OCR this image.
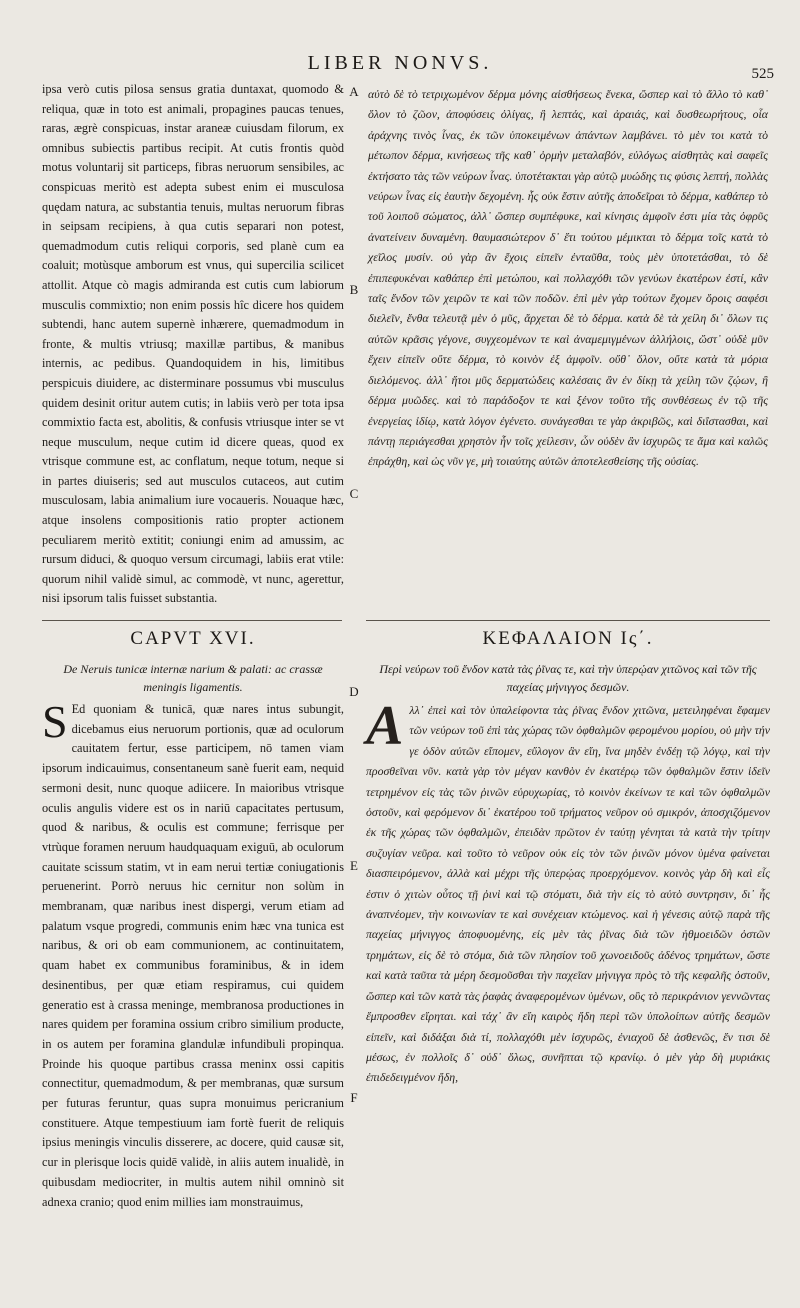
LIBER NONVS.	525

ipsa verò cutis pilosa sensus gratia duntaxat, quomodo & reliqua, quæ in toto est animali, propagines paucas tenues, raras, ægrè conspicuas, instar araneæ cuiusdam filorum, ex omnibus subiectis partibus recipit. At cutis frontis quòd motus voluntarij sit particeps, fibras neruorum sensibiles, ac conspicuas meritò est adepta subest enim ei musculosa quędam natura, ac substantia tenuis, multas neruorum fibras in seipsam recipiens, à qua cutis separari non potest, quemadmodum cutis reliqui corporis, sed planè cum ea coaluit; motùsque amborum est vnus, qui supercilia scilicet attollit. Atque cò magis admiranda est cutis cum labiorum musculis commixtio; non enim possis hîc dicere hos quidem subtendi, hanc autem supernè inhærere, quemadmodum in fronte, & multis vtriusq; maxillæ partibus, & manibus internis, ac pedibus. Quandoquidem in his, limitibus perspicuis diuidere, ac disterminare possumus vbi musculus quidem desinit oritur autem cutis; in labiis verò per tota ipsa commixtio facta est, abolitis, & confusis vtriusque inter se vt neque musculum, neque cutim id dicere queas, quod ex vtrisque commune est, ac conflatum, neque totum, neque si in partes diuiseris; sed aut musculos cutaceos, aut cutim musculosam, labia animalium iure vocaueris. Nouaque hæc, atque insolens compositionis ratio propter actionem peculiarem meritò extitit; coniungi enim ad amussim, ac rursum diduci, & quoquo versum circumagi, labiis erat vtile: quorum nihil validè simul, ac commodè, vt nunc, agerettur, nisi ipsorum talis fuisset substantia.

A
B
C
D
E
F

αὐτὸ δὲ τὸ τετριχωμένον δέρμα μόνης αἰσθήσεως ἕνεκα, ὥσπερ καὶ τὸ ἄλλο τὸ καθ᾽ ὅλον τὸ ζῶον, ἀποφύσεις ὀλίγας, ἢ λεπτάς, καὶ ἀραιάς, καὶ δυσθεωρήτους, οἷα ἀράχνης τινὸς ἶνας, ἐκ τῶν ὑποκειμένων ἁπάντων λαμβάνει. τὸ μὲν τοι κατὰ τὸ μέτωπον δέρμα, κινήσεως τῆς καθ᾽ ὁρμὴν μεταλαβόν, εὐλόγως αἰσθητὰς καὶ σαφεῖς ἐκτήσατο τὰς τῶν νεύρων ἶνας. ὑποτέτακται γὰρ αὐτῷ μυώδης τις φύσις λεπτή, πολλὰς νεύρων ἶνας εἰς ἑαυτὴν δεχομένη. ἧς οὐκ ἔστιν αὐτῆς ἀποδεῖραι τὸ δέρμα, καθάπερ τὸ τοῦ λοιποῦ σώματος, ἀλλ᾽ ὥσπερ συμπέφυκε, καὶ κίνησις ἀμφοῖν ἐστι μία τὰς ὀφρῦς ἀνατείνειν δυναμένη. θαυμασιώτερον δ᾽ ἔτι τούτου μέμικται τὸ δέρμα τοῖς κατὰ τὸ χεῖλος μυσίν. οὐ γὰρ ἂν ἔχοις εἰπεῖν ἐνταῦθα, τοὺς μὲν ὑποτετάσθαι, τὸ δὲ ἐπιπεφυκέναι καθάπερ ἐπὶ μετώπου, καὶ πολλαχόθι τῶν γενύων ἑκατέρων ἐστί, κἂν ταῖς ἔνδον τῶν χειρῶν τε καὶ τῶν ποδῶν. ἐπὶ μὲν γὰρ τούτων ἔχομεν ὅροις σαφέσι διελεῖν, ἔνθα τελευτᾷ μὲν ὁ μῦς, ἄρχεται δὲ τὸ δέρμα. κατὰ δὲ τὰ χείλη δι᾽ ὅλων τις αὐτῶν κρᾶσις γέγονε, συγχεομένων τε καὶ ἀναμεμιγμένων ἀλλήλοις, ὥστ᾽ οὐδὲ μῦν ἔχειν εἰπεῖν οὔτε δέρμα, τὸ κοινὸν ἐξ ἀμφοῖν. οὔθ᾽ ὅλον, οὔτε κατὰ τὰ μόρια διελόμενος. ἀλλ᾽ ἤτοι μῦς δερματώδεις καλέσαις ἂν ἐν δίκῃ τὰ χείλη τῶν ζῴων, ἢ δέρμα μυῶδες. καὶ τὸ παράδοξον τε καὶ ξένον τοῦτο τῆς συνθέσεως ἐν τῷ τῆς ἐνεργείας ἰδίῳ, κατὰ λόγον ἐγένετο. συνάγεσθαι τε γὰρ ἀκριβῶς, καὶ διΐστασθαι, καὶ πάντῃ περιάγεσθαι χρηστὸν ἦν τοῖς χείλεσιν, ὧν οὐδὲν ἂν ἰσχυρῶς τε ἅμα καὶ καλῶς ἐπράχθη, καὶ ὡς νῦν γε, μὴ τοιαύτης αὐτῶν ἀποτελεσθείσης τῆς οὐσίας.

CAPVT XVI.
De Neruis tunicæ internæ narium & palati: ac crassæ meningis ligamentis.
ΚΕΦΑΛΑΙΟΝ Ις΄.
Περὶ νεύρων τοῦ ἔνδον κατὰ τὰς ῥῖνας τε, καὶ τὴν ὑπερῴαν χιτῶνος καὶ τῶν τῆς παχείας μήνιγγος δεσμῶν.
S Ed quoniam & tunicā, quæ nares intus subungit, dicebamus eius neruorum portionis, quæ ad oculorum cauitatem fertur, esse participem, nō tamen viam ipsorum indicauimus, consentaneum sanè fuerit eam, nequid sermoni desit, nunc quoque adiicere. In maioribus vtrisque oculis angulis videre est os in nariū capacitates pertusum, quod & naribus, & oculis est commune; ferrisque per vtrùque foramen neruum haudquaquam exiguū, ab oculorum cauitate scissum statim, vt in eam nerui tertiæ coniugationis peruenerint. Porrò neruus hic cernitur non solùm in membranam, quæ naribus inest dispergi, verum etiam ad palatum vsque progredi, communis enim hæc vna tunica est naribus, & ori ob eam communionem, ac continuitatem, quam habet ex communibus foraminibus, & in idem desinentibus, per quæ etiam respiramus, cui quidem generatio est à crassa meninge, membranosa productiones in nares quidem per foramina ossium cribro similium producte, in os autem per foramina glandulæ infundibuli propinqua. Proinde his quoque partibus crassa meninx ossi capitis connectitur, quemadmodum, & per membranas, quæ sursum per futuras feruntur, quas supra monuimus pericranium constituere. Atque tempestiuum iam fortè fuerit de reliquis ipsius meningis vinculis disserere, ac docere, quid causæ sit, cur in plerisque locis quidē validè, in aliis autem inualidè, in quibusdam mediocriter, in multis autem nihil omninò sit adnexa cranio; quod enim millies iam monstrauimus,
Α λλ᾽ ἐπεὶ καὶ τὸν ὑπαλείφοντα τὰς ῥῖνας ἔνδον χιτῶνα, μετειληφέναι ἔφαμεν τῶν νεύρων τοῦ ἐπὶ τὰς χώρας τῶν ὀφθαλμῶν φερομένου μορίου, οὐ μὴν τήν γε ὁδὸν αὐτῶν εἴπομεν, εὔλογον ἂν εἴη, ἵνα μηδὲν ἐνδέῃ τῷ λόγῳ, καὶ τὴν προσθεῖναι νῦν. κατὰ γὰρ τὸν μέγαν κανθὸν ἐν ἑκατέρῳ τῶν ὀφθαλμῶν ἔστιν ἰδεῖν τετρημένον εἰς τὰς τῶν ῥινῶν εὐρυχωρίας, τὸ κοινὸν ἐκείνων τε καὶ τῶν ὀφθαλμῶν ὀστοῦν, καὶ φερόμενον δι᾽ ἑκατέρου τοῦ τρήματος νεῦρον οὐ σμικρόν, ἀποσχιζόμενον ἐκ τῆς χώρας τῶν ὀφθαλμῶν, ἐπειδὰν πρῶτον ἐν ταύτῃ γένηται τὰ κατὰ τὴν τρίτην συζυγίαν νεῦρα. καὶ τοῦτο τὸ νεῦρον οὐκ εἰς τὸν τῶν ῥινῶν μόνον ὑμένα φαίνεται διασπειρόμενον, ἀλλὰ καὶ μέχρι τῆς ὑπερῴας προερχόμενον. κοινὸς γὰρ δὴ καὶ εἷς ἐστιν ὁ χιτὼν οὗτος τῇ ῥινὶ καὶ τῷ στόματι, διὰ τὴν εἰς τὸ αὐτὸ συντρησιν, δι᾽ ἧς ἀναπνέομεν, τὴν κοινωνίαν τε καὶ συνέχειαν κτώμενος. καὶ ἡ γένεσις αὐτῷ παρὰ τῆς παχείας μήνιγγος ἀποφυομένης, εἰς μὲν τὰς ῥῖνας διὰ τῶν ἠθμοειδῶν ὀστῶν τρημάτων, εἰς δὲ τὸ στόμα, διὰ τῶν πλησίον τοῦ χωνοειδοῦς ἀδένος τρημάτων, ὥστε καὶ κατὰ ταῦτα τὰ μέρη δεσμοῦσθαι τὴν παχεῖαν μήνιγγα πρὸς τὸ τῆς κεφαλῆς ὀστοῦν, ὥσπερ καὶ τῶν κατὰ τὰς ῥαφὰς ἀναφερομένων ὑμένων, οὓς τὸ περικράνιον γεννῶντας ἔμπροσθεν εἴρηται. καὶ τάχ᾽ ἂν εἴη καιρὸς ἤδη περὶ τῶν ὑπολοίπων αὐτῆς δεσμῶν εἰπεῖν, καὶ διδάξαι διὰ τί, πολλαχόθι μὲν ἰσχυρῶς, ἐνιαχοῦ δὲ ἀσθενῶς, ἔν τισι δὲ μέσως, ἐν πολλοῖς δ᾽ οὐδ᾽ ὅλως, συνῆπται τῷ κρανίῳ. ὁ μὲν γὰρ δὴ μυριάκις ἐπιδεδειγμένον ἤδη,
